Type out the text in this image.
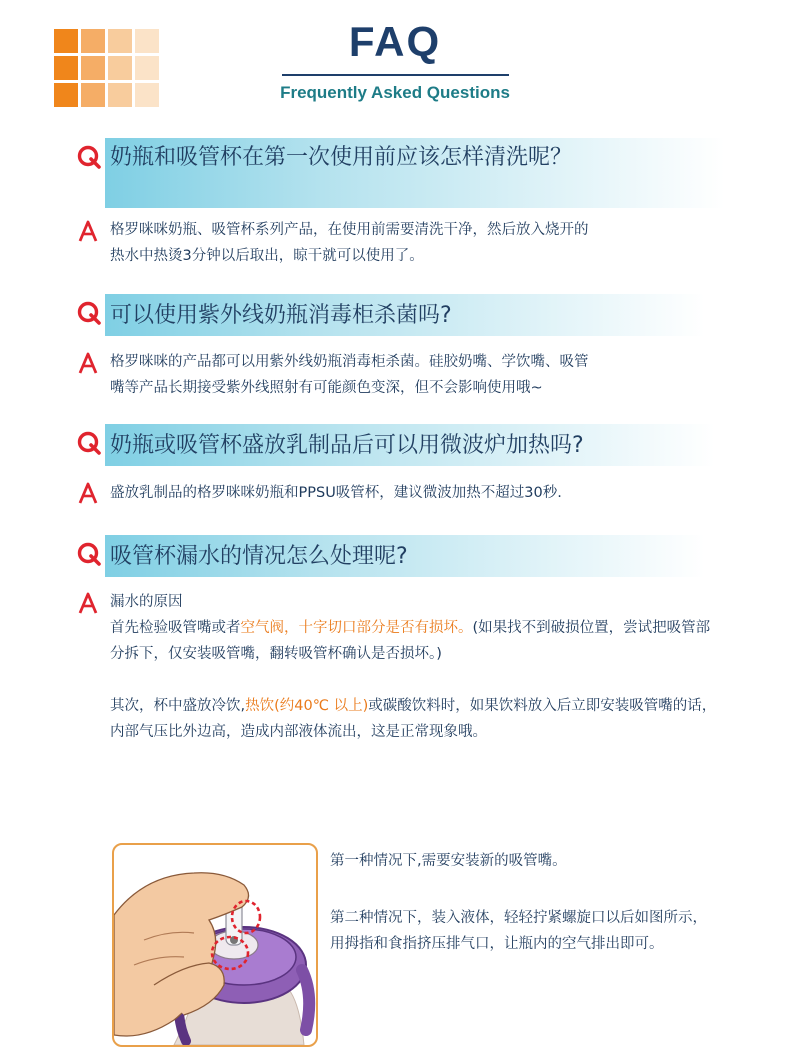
FAQ
Frequently Asked Questions
奶瓶和吸管杯在第一次使用前应该怎样清洗呢？

格罗咪咪奶瓶、吸管杯系列产品，在使用前需要清洗干净，然后放入烧开的

热水中热烫3分钟以后取出，晾干就可以使用了。

可以使用紫外线奶瓶消毒柜杀菌吗?

格罗咪咪的产品都可以用紫外线奶瓶消毒柜杀菌。硅胶奶嘴、学饮嘴、吸管

嘴等产品长期接受紫外线照射有可能颜色变深，但不会影响使用哦~

奶瓶或吸管杯盛放乳制品后可以用微波炉加热吗?

盛放乳制品的格罗咪咪奶瓶和PPSU吸管杯，建议微波加热不超过30秒.

吸管杯漏水的情况怎么处理呢?

漏水的原因

首先检验吸管嘴或者空气阀，十字切口部分是否有损坏。(如果找不到破损位置，尝试把吸管部分拆下，仅安装吸管嘴，翻转吸管杯确认是否损坏。)

其次，杯中盛放冷饮,热饮(约40℃ 以上)或碳酸饮料时，如果饮料放入后立即安装吸管嘴的话，内部气压比外边高，造成内部液体流出，这是正常现象哦。

第一种情况下,需要安装新的吸管嘴。

第二种情况下，装入液体，轻轻拧紧螺旋口以后如图所示，用拇指和食指挤压排气口，让瓶内的空气排出即可。
